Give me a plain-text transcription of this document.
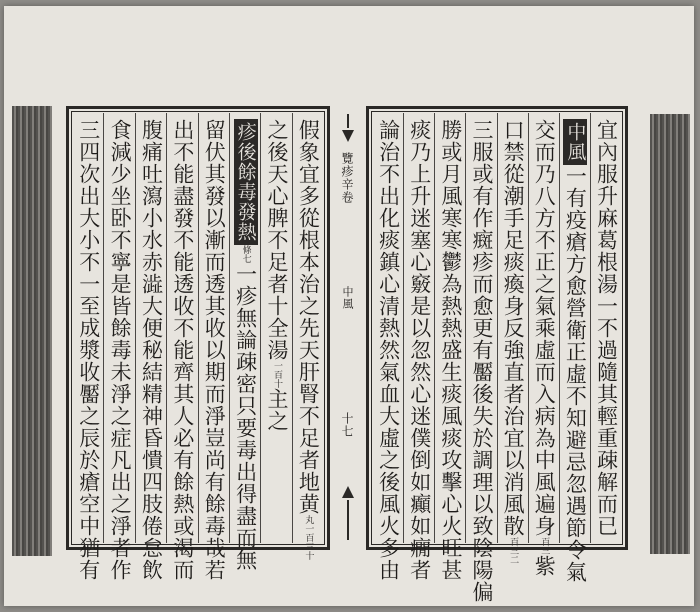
假象宜多從根本治之先天肝腎不足者地黄丸一百三十
之後天心脾不足者十全湯一百十主之
疹後餘毒發熱條七一疹無論疎密只要毒出得盡而無
留伏其發以漸而透其收以期而淨豈尚有餘毒哉若
出不能盡發不能透收不能齊其人必有餘熱或渴而
腹痛吐瀉小水赤澁大便秘結精神昏憒四肢倦怠飲
食減少坐卧不寧是皆餘毒未淨之症凡出之淨者作
三四次出大小不一至成漿收靨之辰於瘡空中猶有	覽疹辛卷
中風
十七	宜內服升麻葛根湯一不過隨其輕重疎解而已
中風一有疫瘡方愈營衛正虛不知避忌忽遇節令氣
交而乃八方不正之氣乘虛而入病為中風遍身百三紫
口禁從潮手足痰瘓身反強直者治宜以消風散百三二
三服或有作癍疹而愈更有靨後失於調理以致陰陽偏
勝或月風寒寒鬱為熱熱盛生痰風痰攻擊心火旺甚
痰乃上升迷塞心竅是以忽然心迷僕倒如癲如癇者
論治不出化痰鎮心清熱然氣血大虛之後風火多由
